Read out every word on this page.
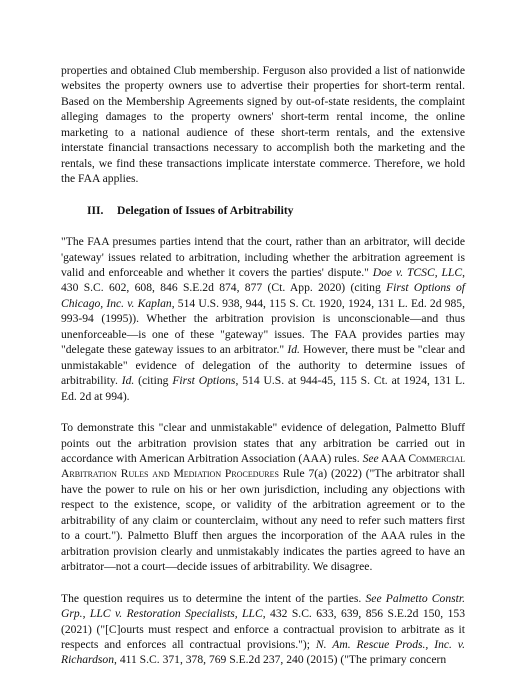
properties and obtained Club membership. Ferguson also provided a list of nationwide websites the property owners use to advertise their properties for short-term rental. Based on the Membership Agreements signed by out-of-state residents, the complaint alleging damages to the property owners' short-term rental income, the online marketing to a national audience of these short-term rentals, and the extensive interstate financial transactions necessary to accomplish both the marketing and the rentals, we find these transactions implicate interstate commerce. Therefore, we hold the FAA applies.

III. Delegation of Issues of Arbitrability

"The FAA presumes parties intend that the court, rather than an arbitrator, will decide 'gateway' issues related to arbitration, including whether the arbitration agreement is valid and enforceable and whether it covers the parties' dispute." Doe v. TCSC, LLC, 430 S.C. 602, 608, 846 S.E.2d 874, 877 (Ct. App. 2020) (citing First Options of Chicago, Inc. v. Kaplan, 514 U.S. 938, 944, 115 S. Ct. 1920, 1924, 131 L. Ed. 2d 985, 993-94 (1995)). Whether the arbitration provision is unconscionable—and thus unenforceable—is one of these "gateway" issues. The FAA provides parties may "delegate these gateway issues to an arbitrator." Id. However, there must be "clear and unmistakable" evidence of delegation of the authority to determine issues of arbitrability. Id. (citing First Options, 514 U.S. at 944-45, 115 S. Ct. at 1924, 131 L. Ed. 2d at 994).

To demonstrate this "clear and unmistakable" evidence of delegation, Palmetto Bluff points out the arbitration provision states that any arbitration be carried out in accordance with American Arbitration Association (AAA) rules. See AAA Commercial Arbitration Rules and Mediation Procedures Rule 7(a) (2022) ("The arbitrator shall have the power to rule on his or her own jurisdiction, including any objections with respect to the existence, scope, or validity of the arbitration agreement or to the arbitrability of any claim or counterclaim, without any need to refer such matters first to a court."). Palmetto Bluff then argues the incorporation of the AAA rules in the arbitration provision clearly and unmistakably indicates the parties agreed to have an arbitrator—not a court—decide issues of arbitrability. We disagree.

The question requires us to determine the intent of the parties. See Palmetto Constr. Grp., LLC v. Restoration Specialists, LLC, 432 S.C. 633, 639, 856 S.E.2d 150, 153 (2021) ("[C]ourts must respect and enforce a contractual provision to arbitrate as it respects and enforces all contractual provisions."); N. Am. Rescue Prods., Inc. v. Richardson, 411 S.C. 371, 378, 769 S.E.2d 237, 240 (2015) ("The primary concern
